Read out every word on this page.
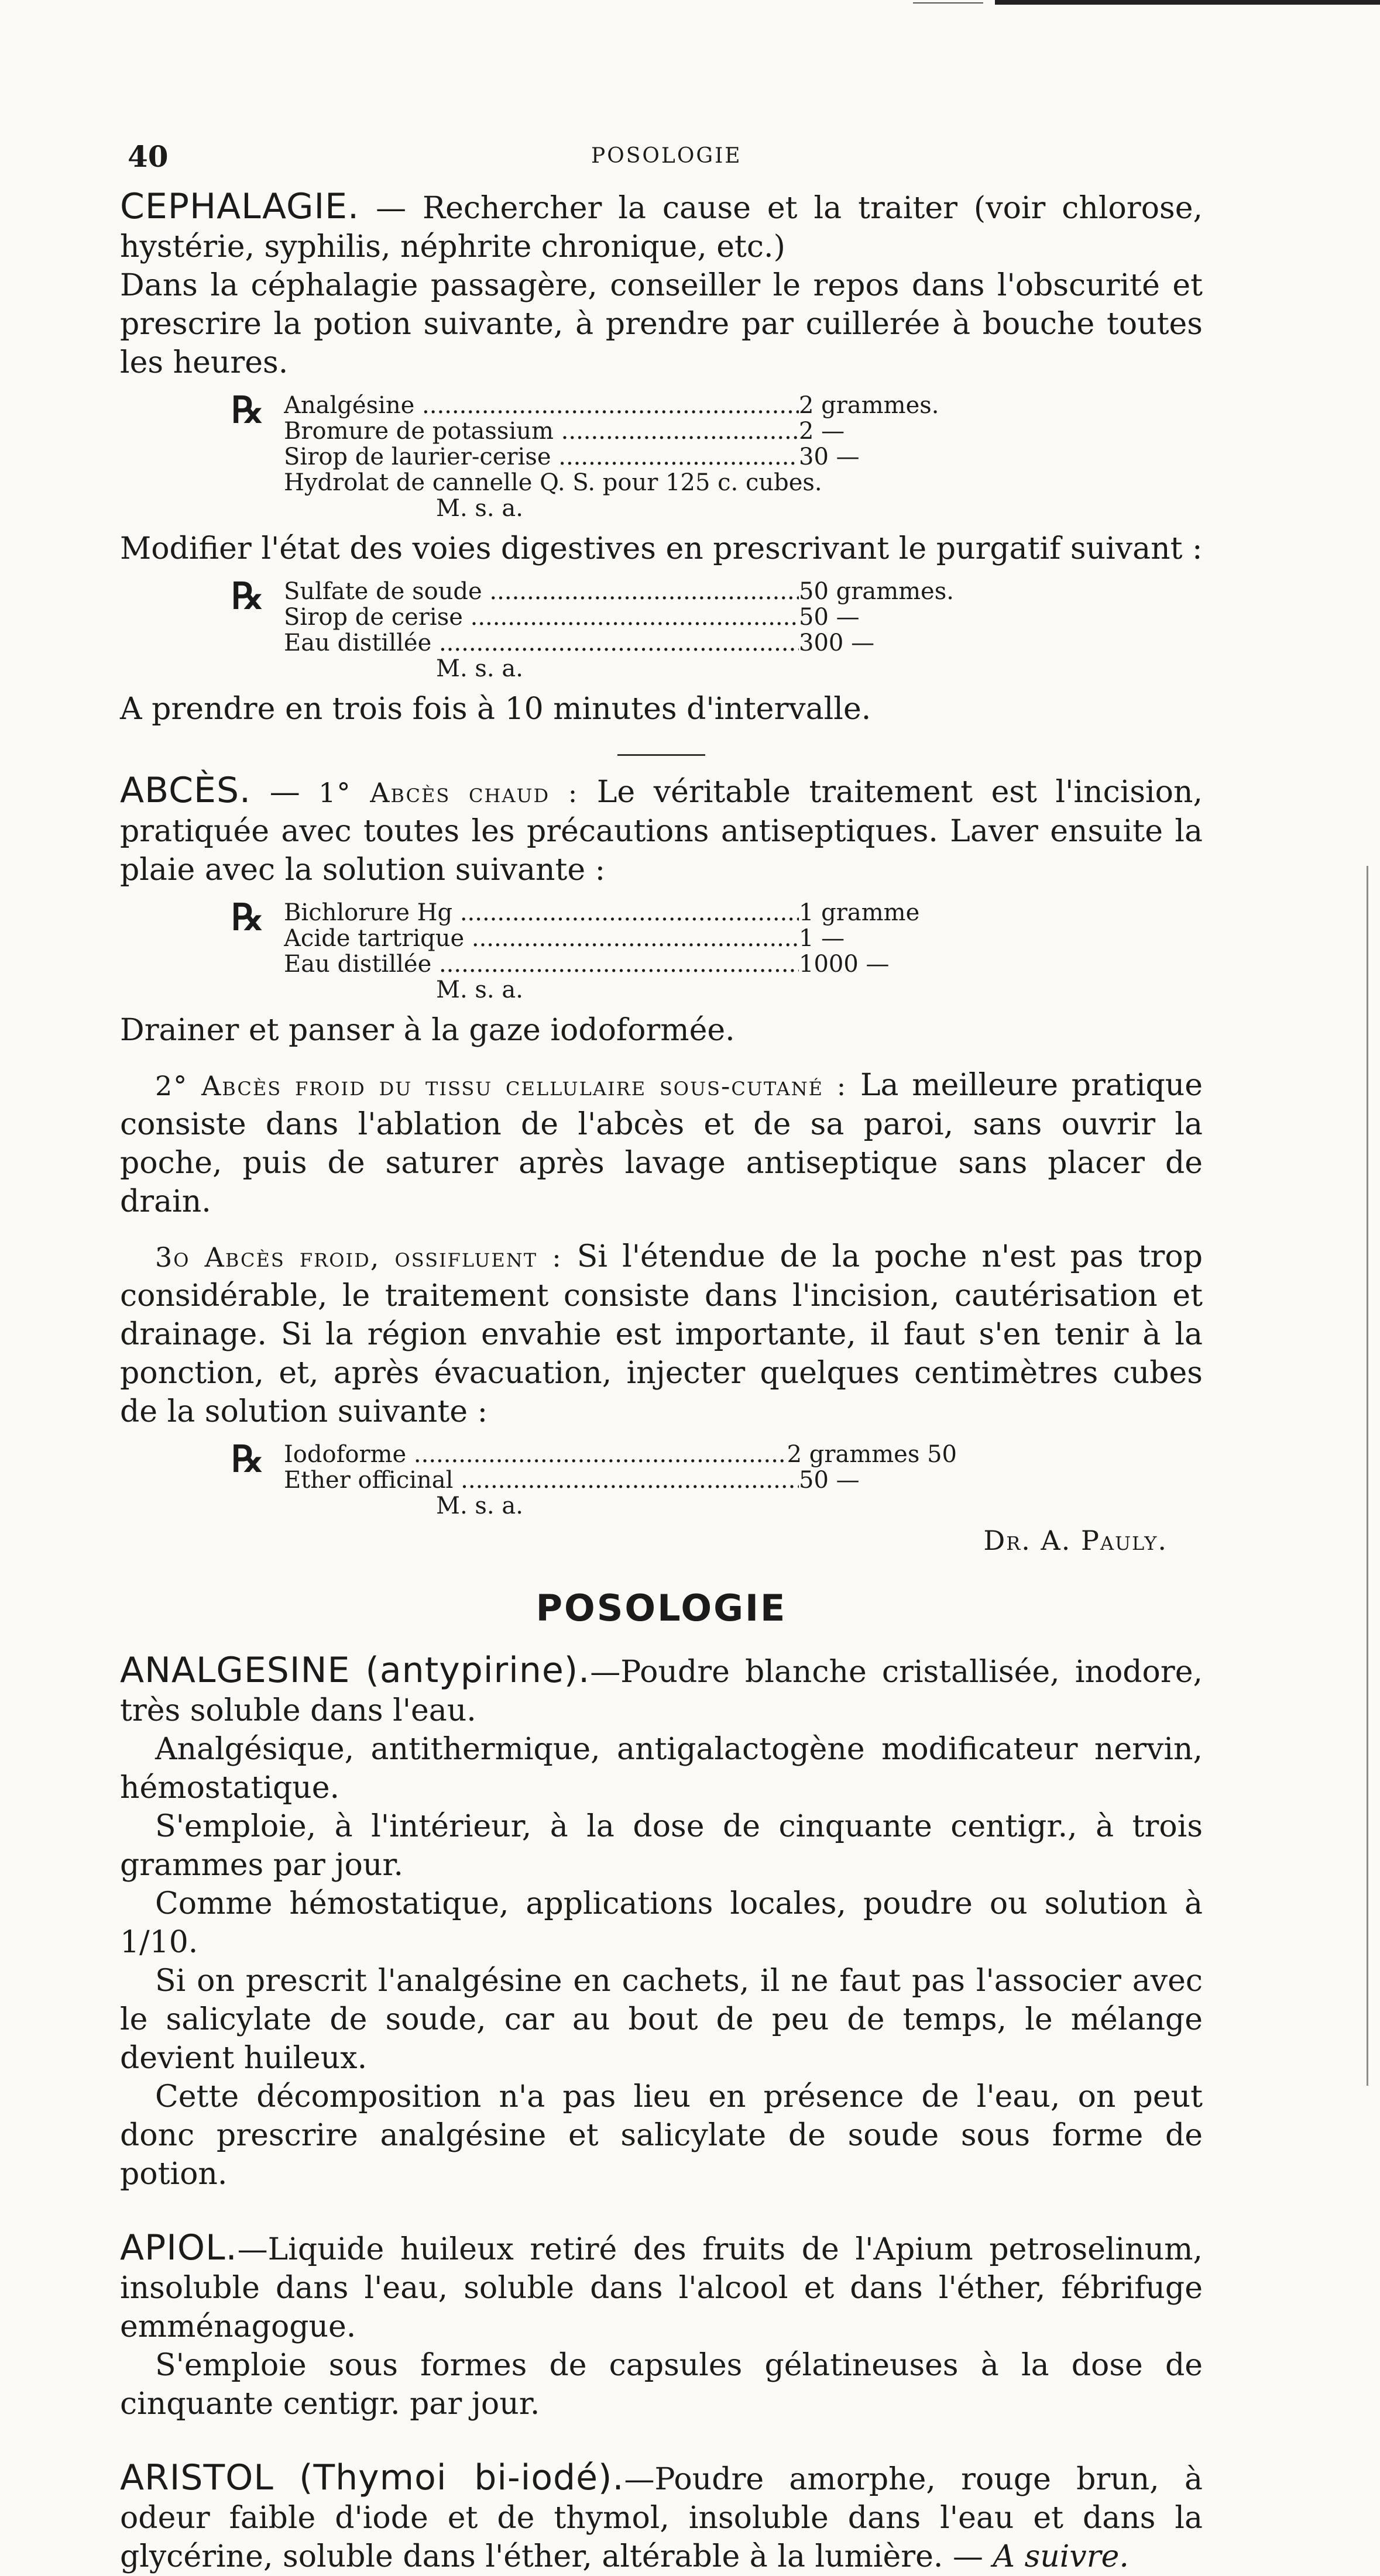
40	POSOLOGIE

CEPHALAGIE. — Rechercher la cause et la traiter (voir chlorose, hystérie, syphilis, néphrite chronique, etc.)

Dans la céphalagie passagère, conseiller le repos dans l'obscurité et prescrire la potion suivante, à prendre par cuillerée à bouche toutes les heures.

℞ Analgésine .....	2 grammes.
Bromure de potassium .....	2 —
Sirop de laurier-cerise .....	30 —
Hydrolat de cannelle Q. S. pour 125 c. cubes.
M. s. a.

Modifier l'état des voies digestives en prescrivant le purgatif suivant :

℞ Sulfate de soude .....	50 grammes.
Sirop de cerise .....	50 —
Eau distillée .....	300 —
M. s. a.

A prendre en trois fois à 10 minutes d'intervalle.

ABCÈS. — 1° Abcès chaud : Le véritable traitement est l'incision, pratiquée avec toutes les précautions antiseptiques. Laver ensuite la plaie avec la solution suivante :

℞ Bichlorure Hg .....	1 gramme
Acide tartrique .....	1 —
Eau distillée .....	1000 —
M. s. a.

Drainer et panser à la gaze iodoformée.

2° Abcès froid du tissu cellulaire sous-cutané : La meilleure pratique consiste dans l'ablation de l'abcès et de sa paroi, sans ouvrir la poche, puis de saturer après lavage antiseptique sans placer de drain.

3o Abcès froid, ossifluent : Si l'étendue de la poche n'est pas trop considérable, le traitement consiste dans l'incision, cautérisation et drainage. Si la région envahie est importante, il faut s'en tenir à la ponction, et, après évacuation, injecter quelques centimètres cubes de la solution suivante :

℞ Iodoforme .....	2 grammes 50
Ether officinal .....	50 —
M. s. a.

Dr. A. Pauly.

POSOLOGIE

ANALGESINE (antypirine).—Poudre blanche cristallisée, inodore, très soluble dans l'eau.

Analgésique, antithermique, antigalactogène modificateur nervin, hémostatique.

S'emploie, à l'intérieur, à la dose de cinquante centigr., à trois grammes par jour.

Comme hémostatique, applications locales, poudre ou solution à 1/10.

Si on prescrit l'analgésine en cachets, il ne faut pas l'associer avec le salicylate de soude, car au bout de peu de temps, le mélange devient huileux.

Cette décomposition n'a pas lieu en présence de l'eau, on peut donc prescrire analgésine et salicylate de soude sous forme de potion.

APIOL.—Liquide huileux retiré des fruits de l'Apium petroselinum, insoluble dans l'eau, soluble dans l'alcool et dans l'éther, fébrifuge emménagogue.

S'emploie sous formes de capsules gélatineuses à la dose de cinquante centigr. par jour.

ARISTOL (Thymoi bi-iodé).—Poudre amorphe, rouge brun, à odeur faible d'iode et de thymol, insoluble dans l'eau et dans la glycérine, soluble dans l'éther, altérable à la lumière. — A suivre.
